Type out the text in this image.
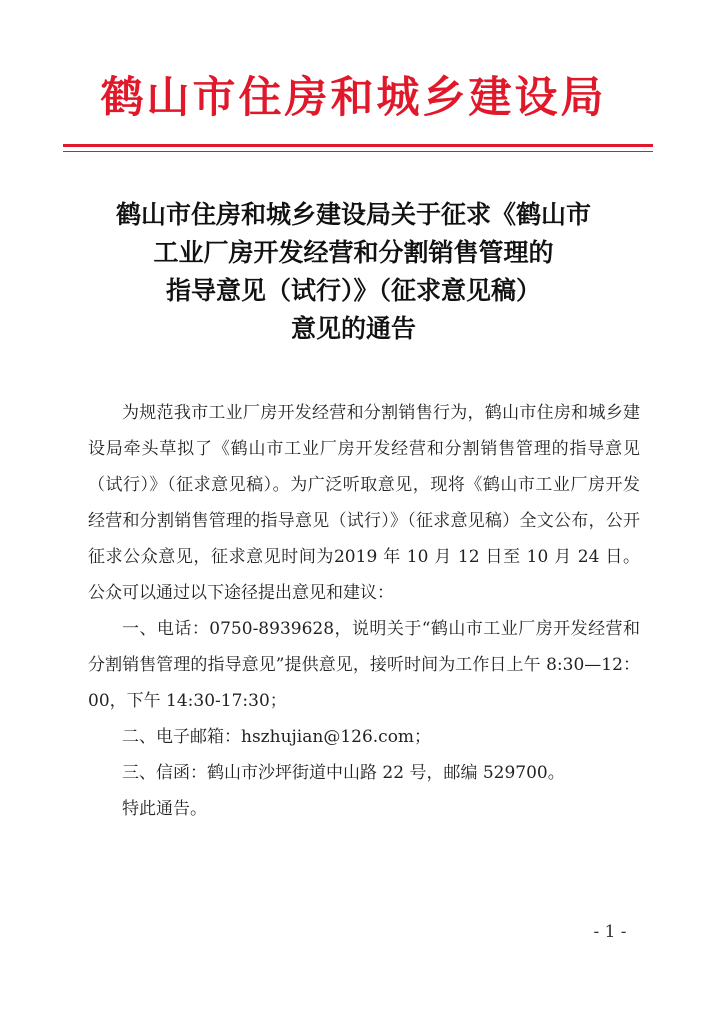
鹤山市住房和城乡建设局
鹤山市住房和城乡建设局关于征求《鹤山市
工业厂房开发经营和分割销售管理的
指导意见（试行）》（征求意见稿）
意见的通告

为规范我市工业厂房开发经营和分割销售行为，鹤山市住房和城乡建设局牵头草拟了《鹤山市工业厂房开发经营和分割销售管理的指导意见（试行）》（征求意见稿）。为广泛听取意见，现将《鹤山市工业厂房开发经营和分割销售管理的指导意见（试行）》（征求意见稿）全文公布，公开征求公众意见，征求意见时间为2019 年 10 月 12 日至 10 月 24 日。公众可以通过以下途径提出意见和建议：

一、电话：0750-8939628，说明关于“鹤山市工业厂房开发经营和分割销售管理的指导意见”提供意见，接听时间为工作日上午 8:30—12：00，下午 14:30-17:30；

二、电子邮箱：hszhujian@126.com；

三、信函：鹤山市沙坪街道中山路 22 号，邮编 529700。

特此通告。

- 1 -
